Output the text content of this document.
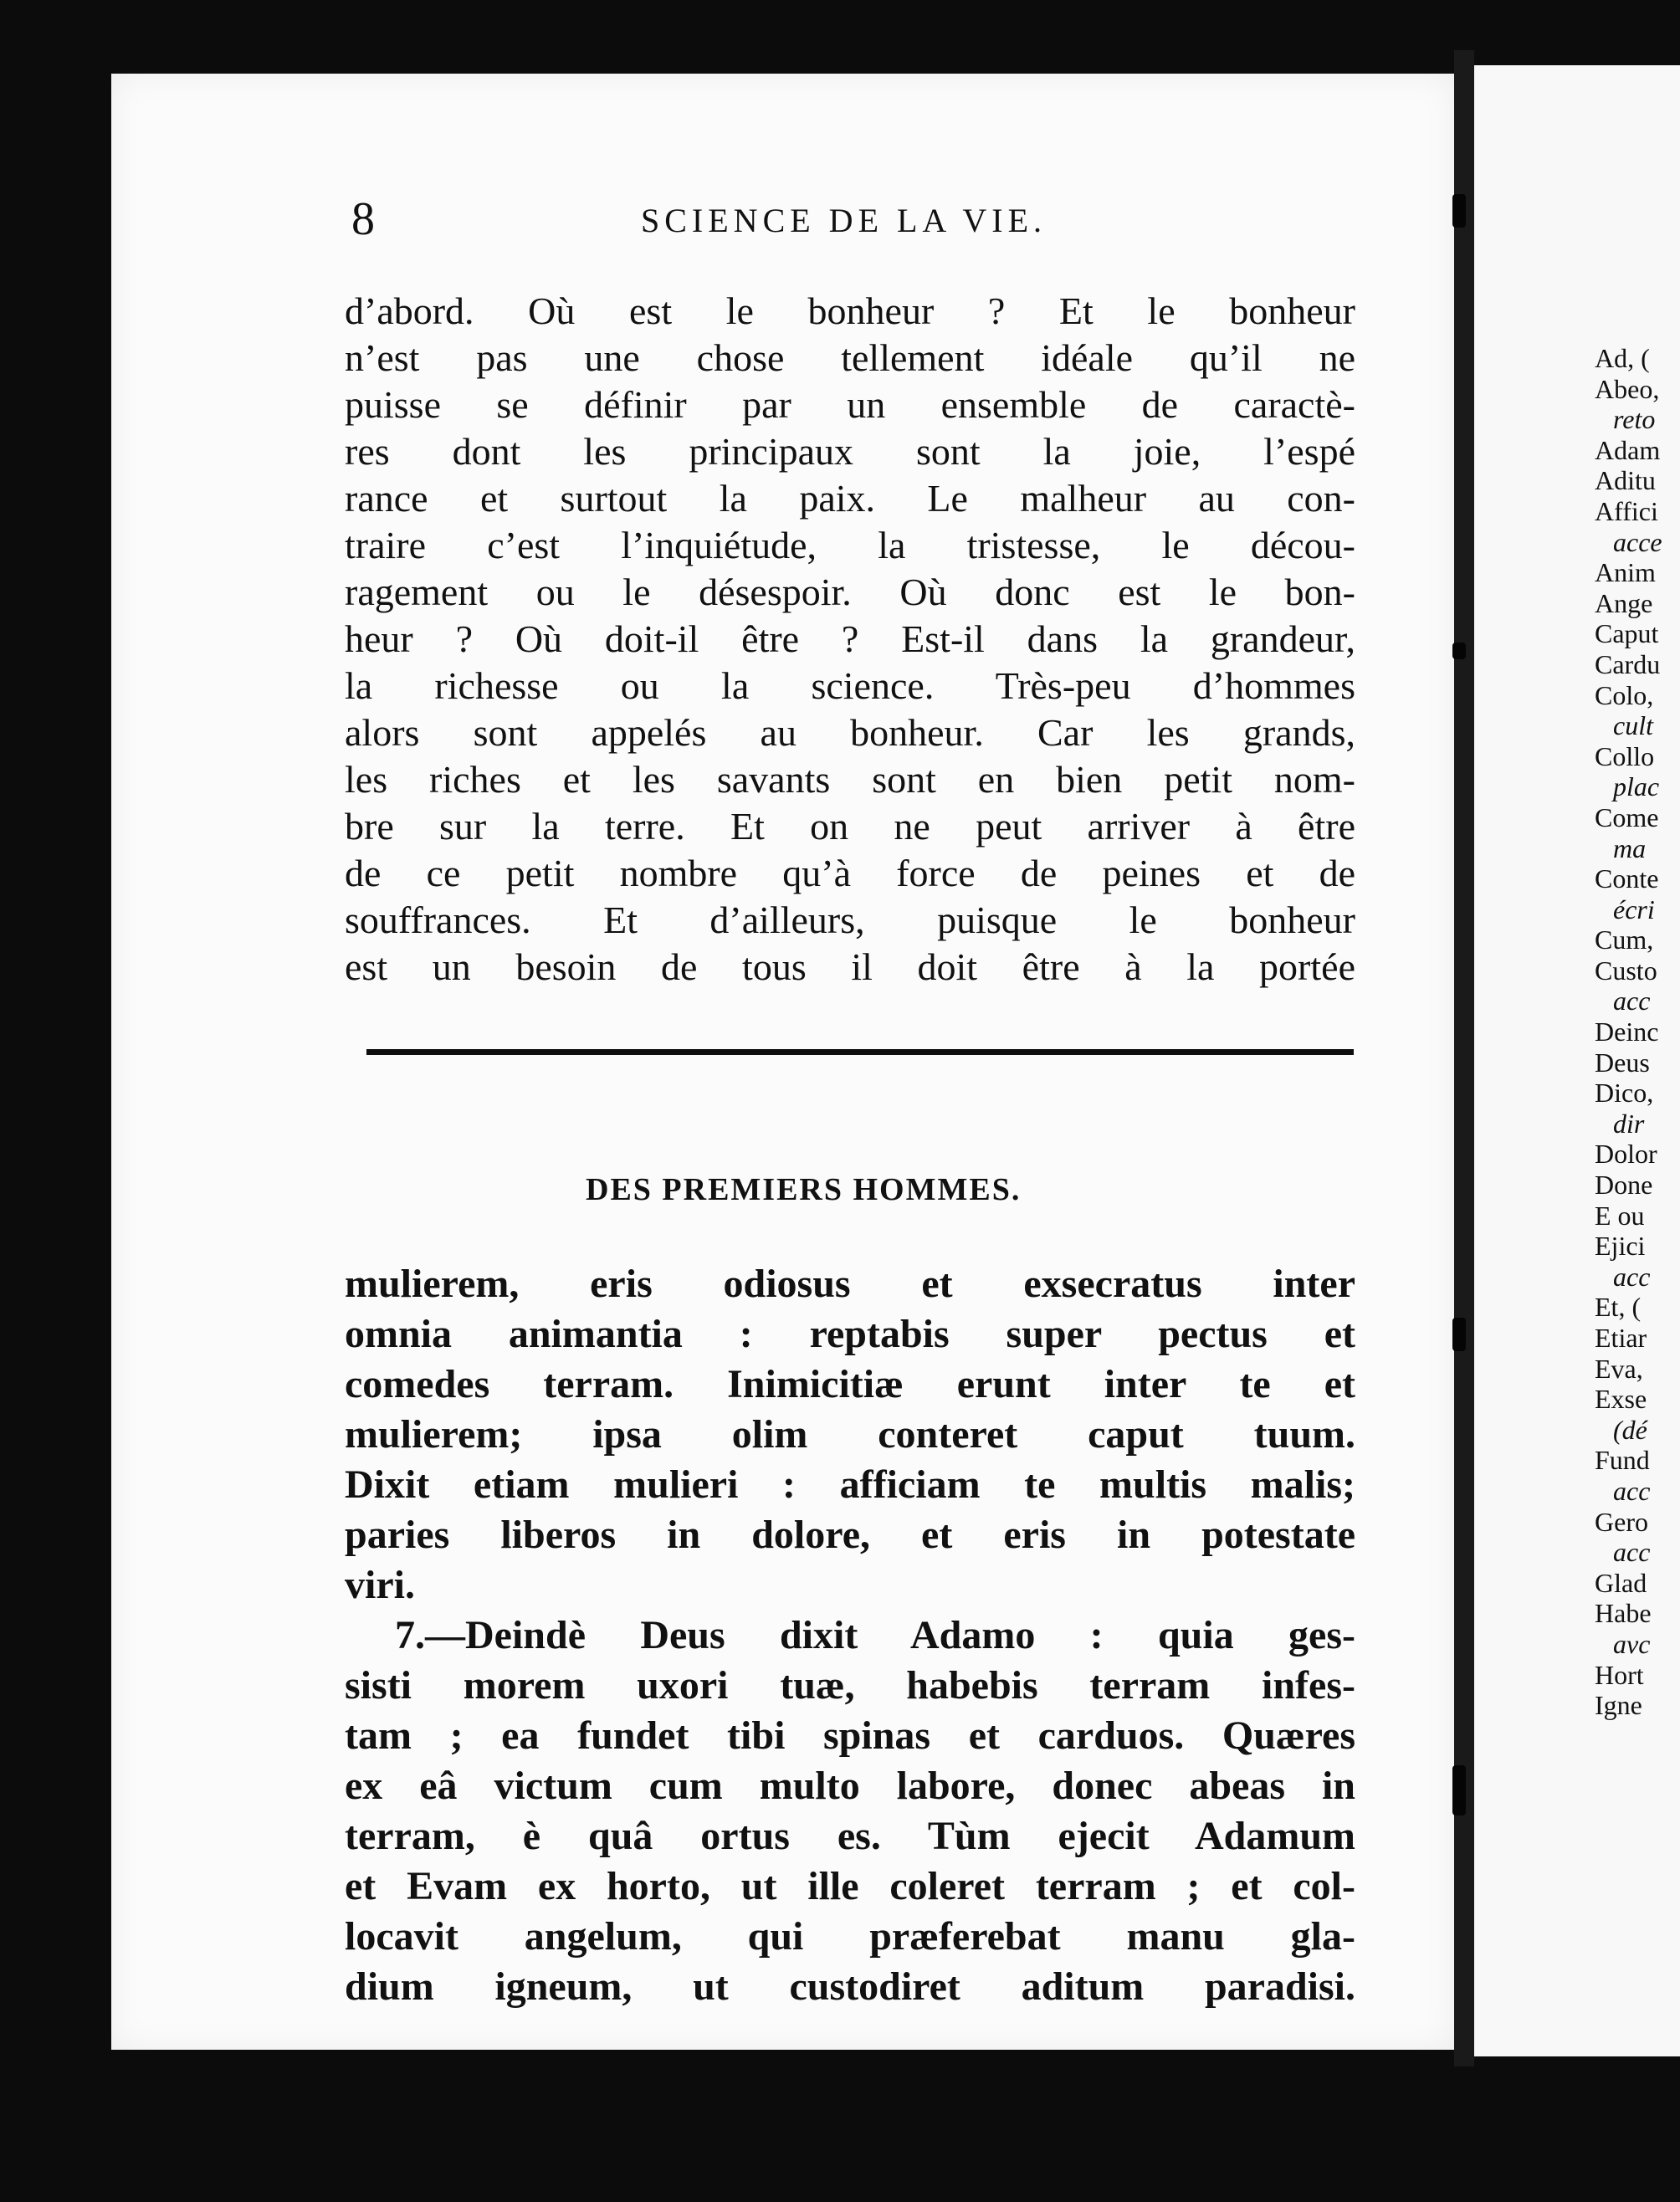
8	SCIENCE DE LA VIE.
d’abord. Où est le bonheur ? Et le bonheur
n’est pas une chose tellement idéale qu’il ne
puisse se définir par un ensemble de caractè-
res dont les principaux sont la joie, l’espé
rance et surtout la paix. Le malheur au con-
traire c’est l’inquiétude, la tristesse, le décou-
ragement ou le désespoir. Où donc est le bon-
heur ? Où doit-il être ? Est-il dans la grandeur,
la richesse ou la science. Très-peu d’hommes
alors sont appelés au bonheur. Car les grands,
les riches et les savants sont en bien petit nom-
bre sur la terre. Et on ne peut arriver à être
de ce petit nombre qu’à force de peines et de
souffrances. Et d’ailleurs, puisque le bonheur
est un besoin de tous il doit être à la portée
DES PREMIERS HOMMES.
mulierem, eris odiosus et exsecratus inter
omnia animantia : reptabis super pectus et
comedes terram. Inimicitiæ erunt inter te et
mulierem; ipsa olim conteret caput tuum.
Dixit etiam mulieri : afficiam te multis malis;
paries liberos in dolore, et eris in potestate
viri.
7.—Deindè Deus dixit Adamo : quia ges-
sisti morem uxori tuæ, habebis terram infes-
tam ; ea fundet tibi spinas et carduos. Quæres
ex eâ victum cum multo labore, donec abeas in
terram, è quâ ortus es. Tùm ejecit Adamum
et Evam ex horto, ut ille coleret terram ; et col-
locavit angelum, qui præferebat manu gla-
dium igneum, ut custodiret aditum paradisi.
Ad, (
Abeo,
reto
Adam
Aditu
Affici
acce
Anim
Ange
Caput
Cardu
Colo,
cult
Collo
plac
Come
ma
Conte
écri
Cum,
Custo
acc
Deinc
Deus
Dico,
dir
Dolor
Done
E ou
Ejici
acc
Et, (
Etiar
Eva,
Exse
(dé
Fund
acc
Gero
acc
Glad
Habe
avc
Hort
Igne
